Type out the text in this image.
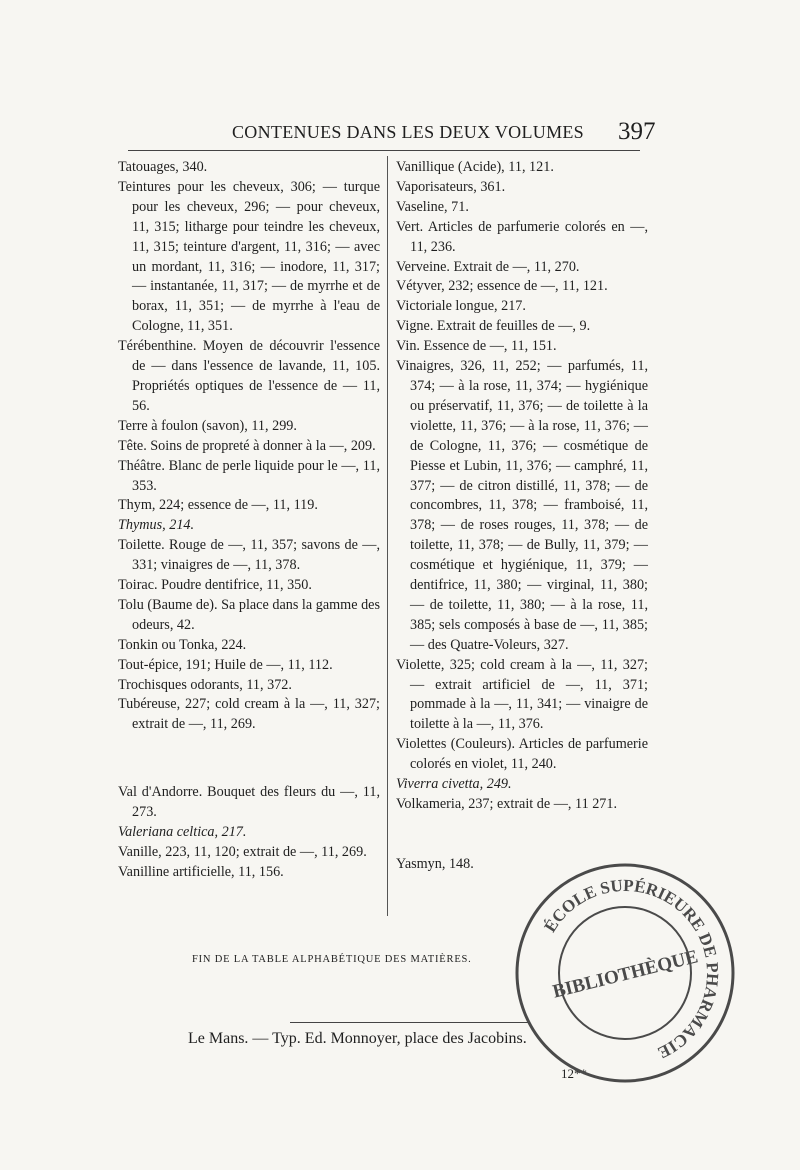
CONTENUES DANS LES DEUX VOLUMES 397

Tatouages, 340.

Teintures pour les cheveux, 306; — turque pour les cheveux, 296; — pour cheveux, 11, 315; litharge pour teindre les cheveux, 11, 315; teinture d'argent, 11, 316; — avec un mordant, 11, 316; — inodore, 11, 317; — instantanée, 11, 317; — de myrrhe et de borax, 11, 351; — de myrrhe à l'eau de Cologne, 11, 351.

Térébenthine. Moyen de découvrir l'essence de — dans l'essence de lavande, 11, 105. Propriétés optiques de l'essence de — 11, 56.

Terre à foulon (savon), 11, 299.

Tête. Soins de propreté à donner à la —, 209.

Théâtre. Blanc de perle liquide pour le —, 11, 353.

Thym, 224; essence de —, 11, 119.

Thymus, 214.

Toilette. Rouge de —, 11, 357; savons de —, 331; vinaigres de —, 11, 378.

Toirac. Poudre dentifrice, 11, 350.

Tolu (Baume de). Sa place dans la gamme des odeurs, 42.

Tonkin ou Tonka, 224.

Tout-épice, 191; Huile de —, 11, 112.

Trochisques odorants, 11, 372.

Tubéreuse, 227; cold cream à la —, 11, 327; extrait de —, 11, 269.

Val d'Andorre. Bouquet des fleurs du —, 11, 273.

Valeriana celtica, 217.

Vanille, 223, 11, 120; extrait de —, 11, 269.

Vanilline artificielle, 11, 156.

Vanillique (Acide), 11, 121.

Vaporisateurs, 361.

Vaseline, 71.

Vert. Articles de parfumerie colorés en —, 11, 236.

Verveine. Extrait de —, 11, 270.

Vétyver, 232; essence de —, 11, 121.

Victoriale longue, 217.

Vigne. Extrait de feuilles de —, 9.

Vin. Essence de —, 11, 151.

Vinaigres, 326, 11, 252; — parfumés, 11, 374; — à la rose, 11, 374; — hygiénique ou préservatif, 11, 376; — de toilette à la violette, 11, 376; — à la rose, 11, 376; — de Cologne, 11, 376; — cosmétique de Piesse et Lubin, 11, 376; — camphré, 11, 377; — de citron distillé, 11, 378; — de concombres, 11, 378; — framboisé, 11, 378; — de roses rouges, 11, 378; — de toilette, 11, 378; — de Bully, 11, 379; — cosmétique et hygiénique, 11, 379; — dentifrice, 11, 380; — virginal, 11, 380; — de toilette, 11, 380; — à la rose, 11, 385; sels composés à base de —, 11, 385; — des Quatre-Voleurs, 327.

Violette, 325; cold cream à la —, 11, 327; — extrait artificiel de —, 11, 371; pommade à la —, 11, 341; — vinaigre de toilette à la —, 11, 376.

Violettes (Couleurs). Articles de parfumerie colorés en violet, 11, 240.

Viverra civetta, 249.

Volkameria, 237; extrait de —, 11 271.

Yasmyn, 148.

FIN DE LA TABLE ALPHABÉTIQUE DES MATIÈRES.
Le Mans. — Typ. Ed. Monnoyer, place des Jacobins.
12**
ÉCOLE SUPÉRIEURE DE PHARMACIE
BIBLIOTHÈQUE
